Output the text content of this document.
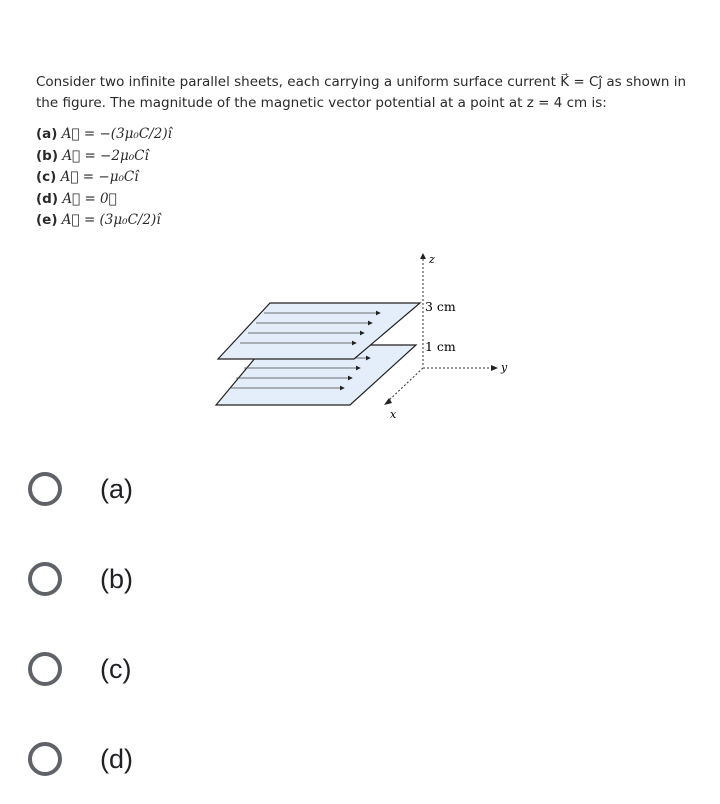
Consider two infinite parallel sheets, each carrying a uniform surface current K⃗ = Cĵ as shown in the figure. The magnitude of the magnetic vector potential at a point at z = 4 cm is:

(a) A⃗ = −(3μ₀C/2)î
(b) A⃗ = −2μ₀Cî
(c) A⃗ = −μ₀Cî
(d) A⃗ = 0⃗
(e) A⃗ = (3μ₀C/2)î
z
y
x
3 cm
1 cm
(a)
(b)
(c)
(d)
